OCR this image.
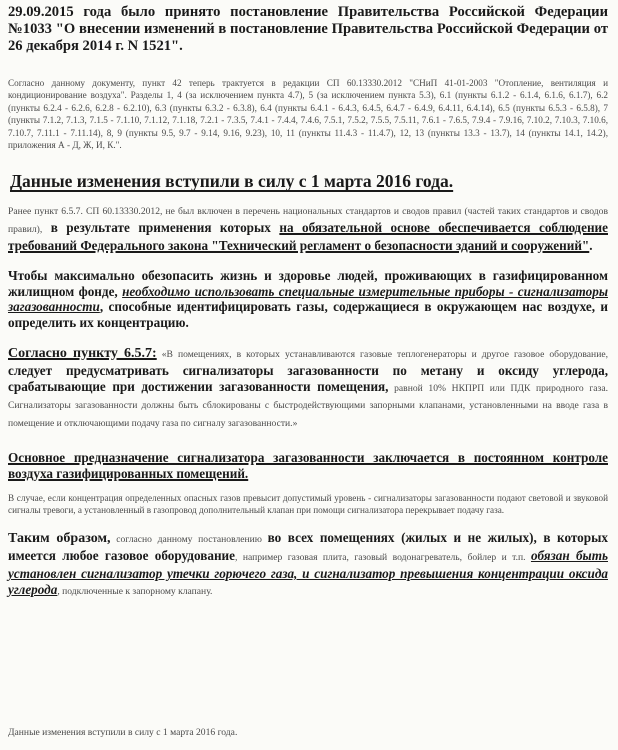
29.09.2015 года было принято постановление Правительства Российской Федерации №1033 "О внесении изменений в постановление Правительства Российской Федерации от 26 декабря 2014 г. N 1521".

Согласно данному документу, пункт 42 теперь трактуется в редакции СП 60.13330.2012 "СНиП 41-01-2003 "Отопление, вентиляция и кондиционирование воздуха". Разделы 1, 4 (за исключением пункта 4.7), 5 (за исключением пункта 5.3), 6.1 (пункты 6.1.2 - 6.1.4, 6.1.6, 6.1.7), 6.2 (пункты 6.2.4 - 6.2.6, 6.2.8 - 6.2.10), 6.3 (пункты 6.3.2 - 6.3.8), 6.4 (пункты 6.4.1 - 6.4.3, 6.4.5, 6.4.7 - 6.4.9, 6.4.11, 6.4.14), 6.5 (пункты 6.5.3 - 6.5.8), 7 (пункты 7.1.2, 7.1.3, 7.1.5 - 7.1.10, 7.1.12, 7.1.18, 7.2.1 - 7.3.5, 7.4.1 - 7.4.4, 7.4.6, 7.5.1, 7.5.2, 7.5.5, 7.5.11, 7.6.1 - 7.6.5, 7.9.4 - 7.9.16, 7.10.2, 7.10.3, 7.10.6, 7.10.7, 7.11.1 - 7.11.14), 8, 9 (пункты 9.5, 9.7 - 9.14, 9.16, 9.23), 10, 11 (пункты 11.4.3 - 11.4.7), 12, 13 (пункты 13.3 - 13.7), 14 (пункты 14.1, 14.2), приложения А - Д, Ж, И, К.".

Данные изменения вступили в силу с 1 марта 2016 года.

Ранее пункт 6.5.7. СП 60.13330.2012, не был включен в перечень национальных стандартов и сводов правил (частей таких стандартов и сводов правил), в результате применения которых на обязательной основе обеспечивается соблюдение требований Федерального закона "Технический регламент о безопасности зданий и сооружений".

Чтобы максимально обезопасить жизнь и здоровье людей, проживающих в газифицированном жилищном фонде, необходимо использовать специальные измерительные приборы - сигнализаторы загазованности, способные идентифицировать газы, содержащиеся в окружающем нас воздухе, и определить их концентрацию.

Согласно пункту 6.5.7: «В помещениях, в которых устанавливаются газовые теплогенераторы и другое газовое оборудование, следует предусматривать сигнализаторы загазованности по метану и оксиду углерода, срабатывающие при достижении загазованности помещения, равной 10% НКПРП или ПДК природного газа. Сигнализаторы загазованности должны быть сблокированы с быстродействующими запорными клапанами, установленными на вводе газа в помещение и отключающими подачу газа по сигналу загазованности.»

Основное предназначение сигнализатора загазованности заключается в постоянном контроле воздуха газифицированных помещений.

В случае, если концентрация определенных опасных газов превысит допустимый уровень - сигнализаторы загазованности подают световой и звуковой сигналы тревоги, а установленный в газопровод дополнительный клапан при помощи сигнализатора перекрывает подачу газа.

Таким образом, согласно данному постановлению во всех помещениях (жилых и не жилых), в которых имеется любое газовое оборудование, например газовая плита, газовый водонагреватель, бойлер и т.п. обязан быть установлен сигнализатор утечки горючего газа, и сигнализатор превышения концентрации оксида углерода, подключенные к запорному клапану.

Данные изменения вступили в силу с 1 марта 2016 года.
